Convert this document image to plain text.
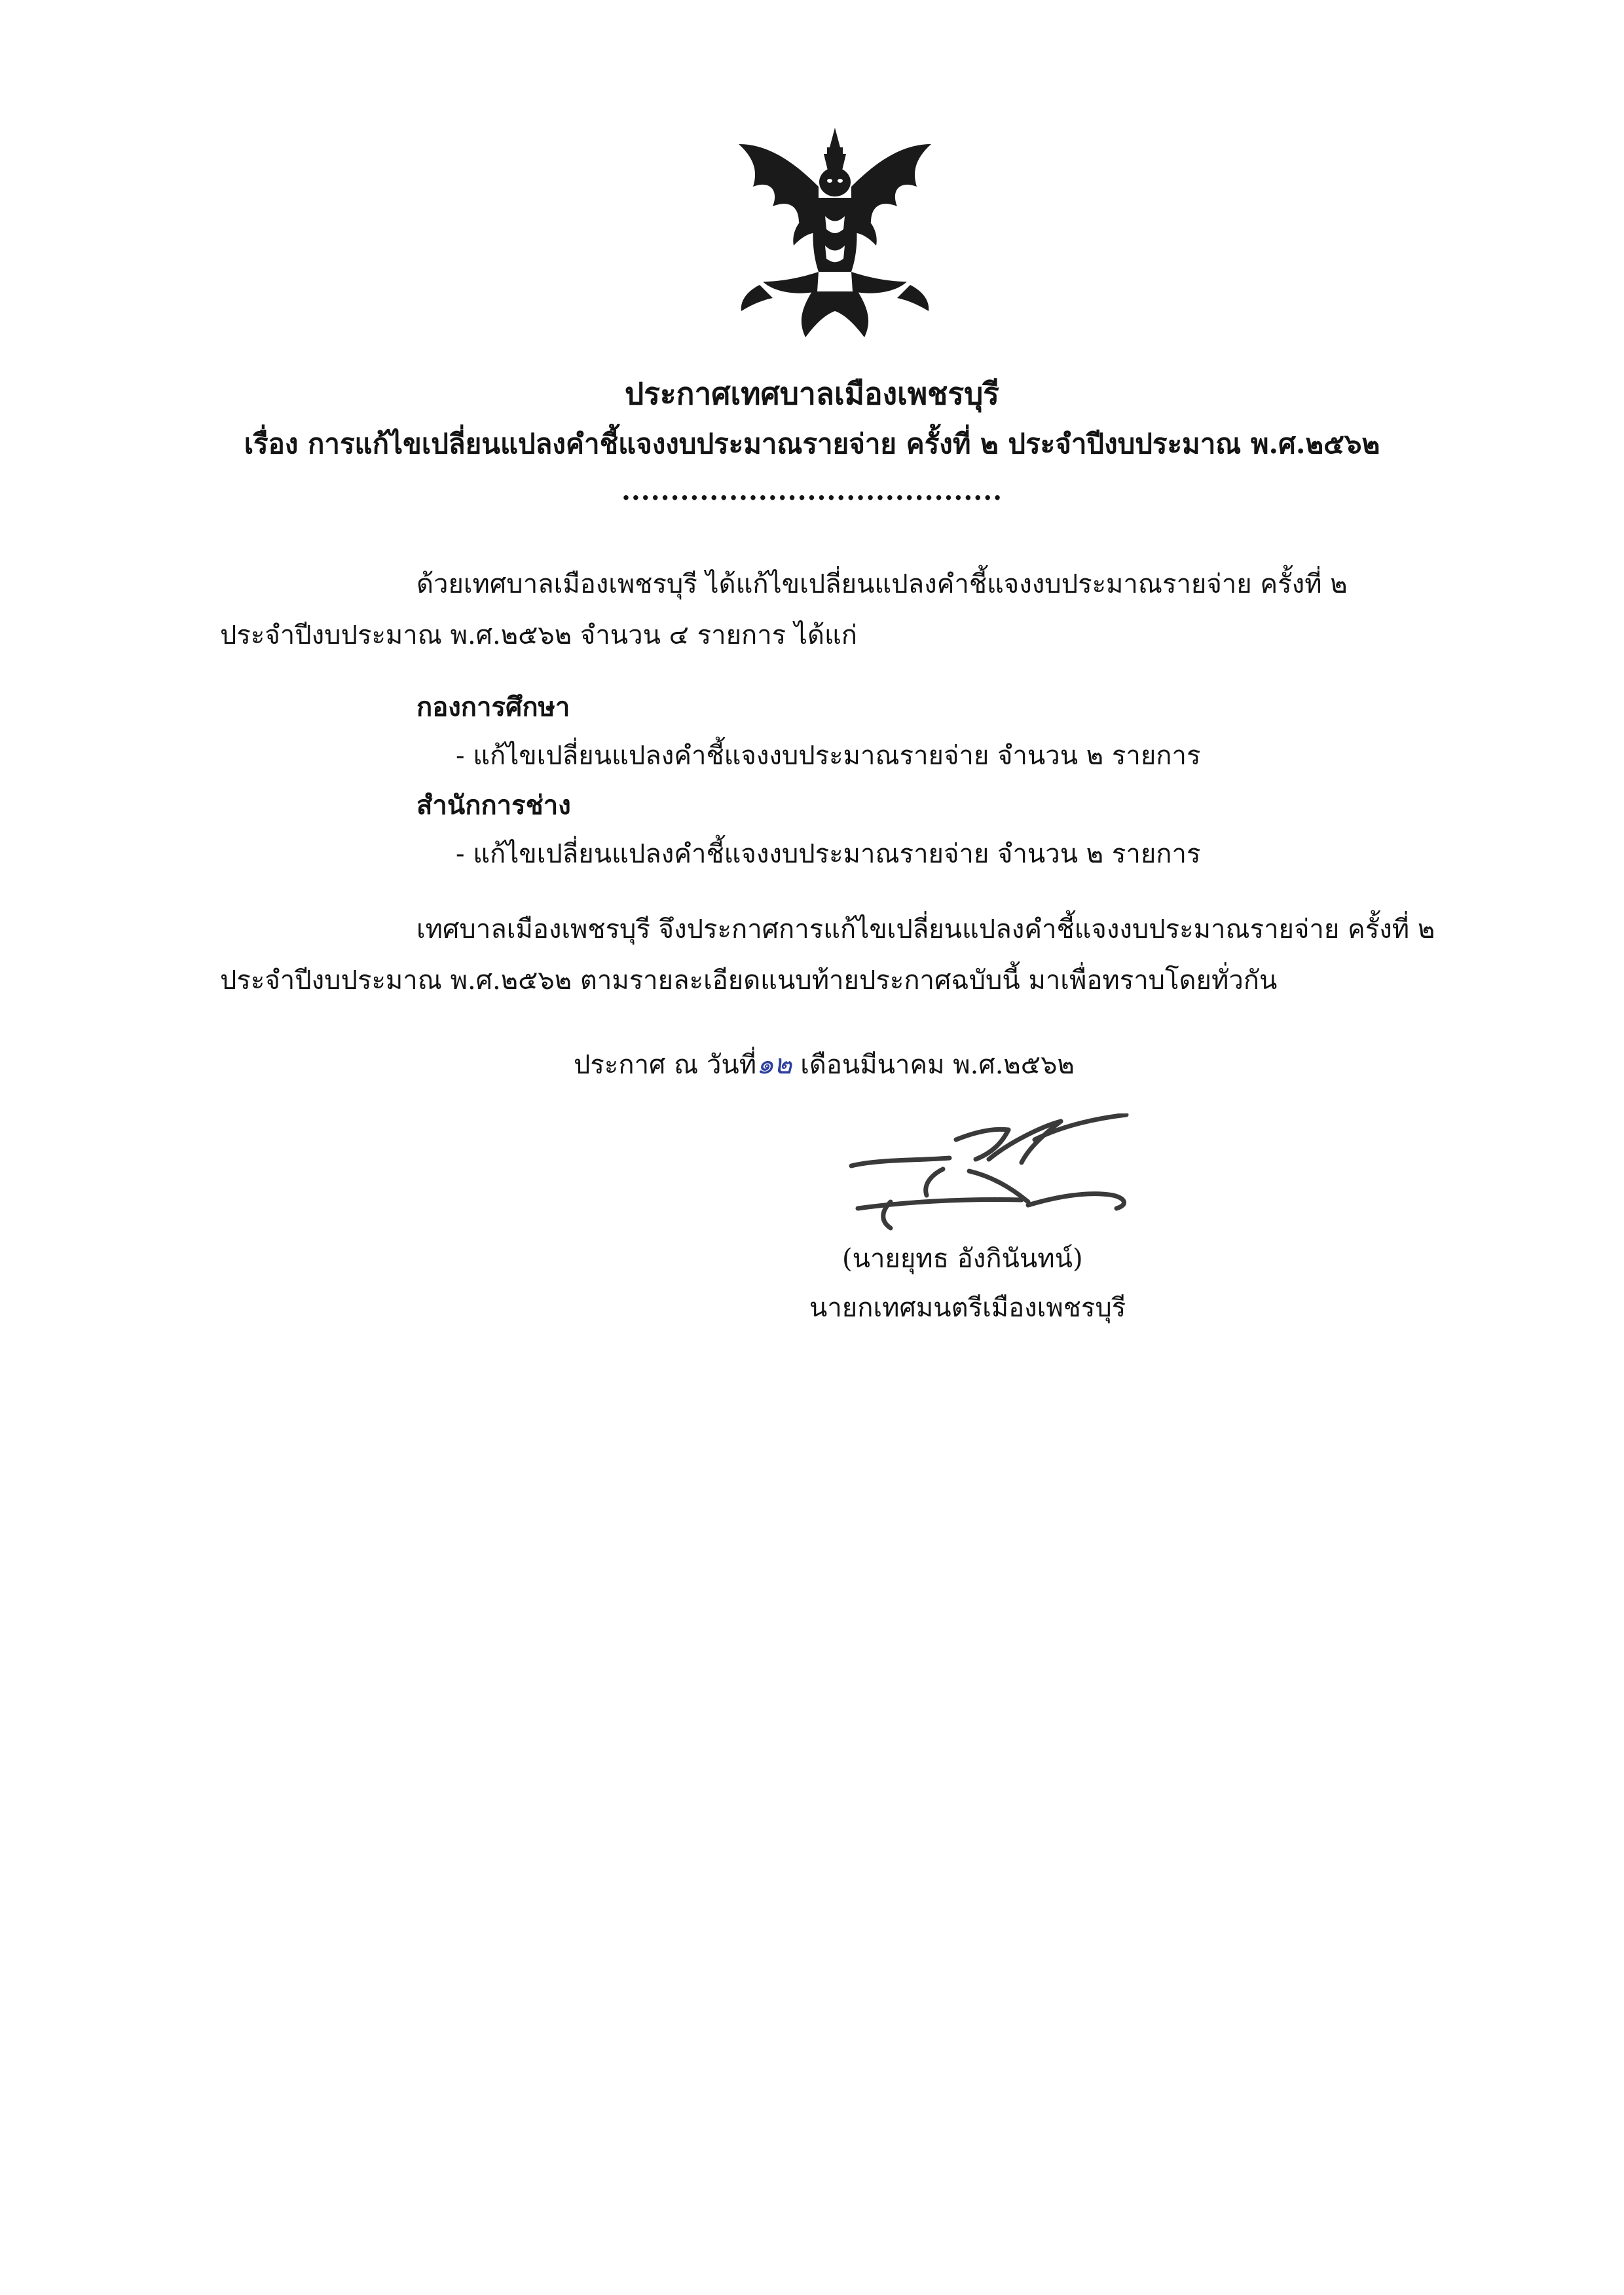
ประกาศเทศบาลเมืองเพชรบุรี
เรื่อง การแก้ไขเปลี่ยนแปลงคำชี้แจงงบประมาณรายจ่าย ครั้งที่ ๒ ประจำปีงบประมาณ พ.ศ.๒๕๖๒
.......................................
ด้วยเทศบาลเมืองเพชรบุรี ได้แก้ไขเปลี่ยนแปลงคำชี้แจงงบประมาณรายจ่าย ครั้งที่ ๒
ประจำปีงบประมาณ พ.ศ.๒๕๖๒ จำนวน ๔ รายการ ได้แก่
กองการศึกษา
- แก้ไขเปลี่ยนแปลงคำชี้แจงงบประมาณรายจ่าย จำนวน ๒ รายการ
สำนักการช่าง
- แก้ไขเปลี่ยนแปลงคำชี้แจงงบประมาณรายจ่าย จำนวน ๒ รายการ
เทศบาลเมืองเพชรบุรี จึงประกาศการแก้ไขเปลี่ยนแปลงคำชี้แจงงบประมาณรายจ่าย ครั้งที่ ๒
ประจำปีงบประมาณ พ.ศ.๒๕๖๒ ตามรายละเอียดแนบท้ายประกาศฉบับนี้ มาเพื่อทราบโดยทั่วกัน
ประกาศ ณ วันที่๑๒ เดือนมีนาคม พ.ศ.๒๕๖๒
(นายยุทธ อังกินันทน์)
นายกเทศมนตรีเมืองเพชรบุรี
